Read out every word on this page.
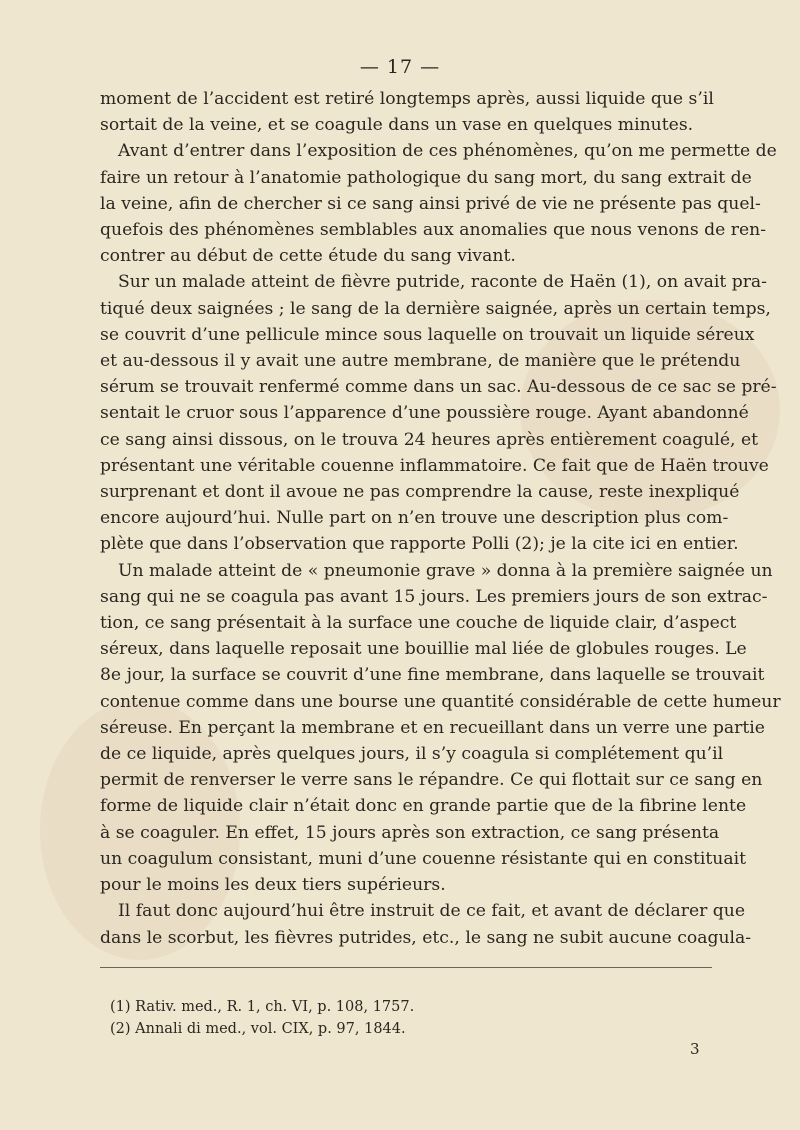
— 17 —
moment de l’accident est retiré longtemps après, aussi liquide que s’il
sortait de la veine, et se coagule dans un vase en quelques minutes.
Avant d’entrer dans l’exposition de ces phénomènes, qu’on me permette de
faire un retour à l’anatomie pathologique du sang mort, du sang extrait de
la veine, afin de chercher si ce sang ainsi privé de vie ne présente pas quel-
quefois des phénomènes semblables aux anomalies que nous venons de ren-
contrer au début de cette étude du sang vivant.
Sur un malade atteint de fièvre putride, raconte de Haën (1), on avait pra-
tiqué deux saignées ; le sang de la dernière saignée, après un certain temps,
se couvrit d’une pellicule mince sous laquelle on trouvait un liquide séreux
et au-dessous il y avait une autre membrane, de manière que le prétendu
sérum se trouvait renfermé comme dans un sac. Au-dessous de ce sac se pré-
sentait le cruor sous l’apparence d’une poussière rouge. Ayant abandonné
ce sang ainsi dissous, on le trouva 24 heures après entièrement coagulé, et
présentant une véritable couenne inflammatoire. Ce fait que de Haën trouve
surprenant et dont il avoue ne pas comprendre la cause, reste inexpliqué
encore aujourd’hui. Nulle part on n’en trouve une description plus com-
plète que dans l’observation que rapporte Polli (2); je la cite ici en entier.
Un malade atteint de « pneumonie grave » donna à la première saignée un
sang qui ne se coagula pas avant 15 jours. Les premiers jours de son extrac-
tion, ce sang présentait à la surface une couche de liquide clair, d’aspect
séreux, dans laquelle reposait une bouillie mal liée de globules rouges. Le
8e jour, la surface se couvrit d’une fine membrane, dans laquelle se trouvait
contenue comme dans une bourse une quantité considérable de cette humeur
séreuse. En perçant la membrane et en recueillant dans un verre une partie
de ce liquide, après quelques jours, il s’y coagula si complétement qu’il
permit de renverser le verre sans le répandre. Ce qui flottait sur ce sang en
forme de liquide clair n’était donc en grande partie que de la fibrine lente
à se coaguler. En effet, 15 jours après son extraction, ce sang présenta
un coagulum consistant, muni d’une couenne résistante qui en constituait
pour le moins les deux tiers supérieurs.
Il faut donc aujourd’hui être instruit de ce fait, et avant de déclarer que
dans le scorbut, les fièvres putrides, etc., le sang ne subit aucune coagula-
(1) Rativ. med., R. 1, ch. VI, p. 108, 1757.
(2) Annali di med., vol. CIX, p. 97, 1844.
3
